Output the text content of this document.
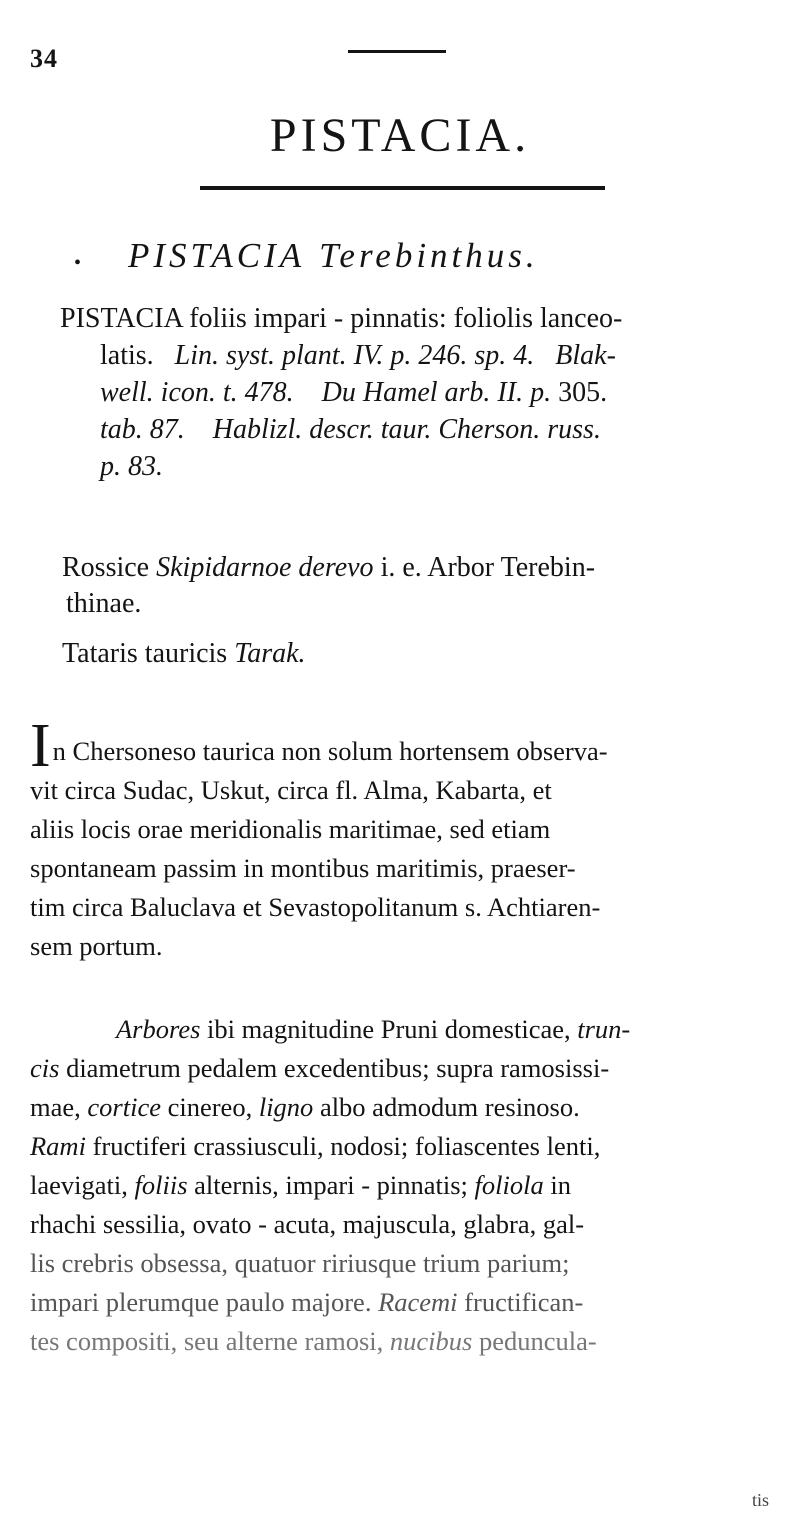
34
PISTACIA.
• PISTACIA Terebinthus.
PISTACIA foliis impari - pinnatis: foliolis lanceo-
latis. Lin. syst. plant. IV. p. 246. sp. 4. Blak-
well. icon. t. 478. Du Hamel arb. II. p. 305.
tab. 87. Hablizl. descr. taur. Cherson. russ.
p. 83.
Rossice Skipidarnoe derevo i. e. Arbor Terebin-
thinae.
Tataris tauricis Tarak.
In Chersoneso taurica non solum hortensem observa-
vit circa Sudac, Uskut, circa fl. Alma, Kabarta, et
aliis locis orae meridionalis maritimae, sed etiam
spontaneam passim in montibus maritimis, praeser-
tim circa Baluclava et Sevastopolitanum s. Achtiaren-
sem portum.
Arbores ibi magnitudine Pruni domesticae, trun-
cis diametrum pedalem excedentibus; supra ramosissi-
mae, cortice cinereo, ligno albo admodum resinoso.
Rami fructiferi crassiusculi, nodosi; foliascentes lenti,
laevigati, foliis alternis, impari - pinnatis; foliola in
rhachi sessilia, ovato - acuta, majuscula, glabra, gal-
lis crebris obsessa, quatuor ririusque trium parium;
impari plerumque paulo majore. Racemi fructifican-
tes compositi, seu alterne ramosi, nucibus peduncula-
tis
